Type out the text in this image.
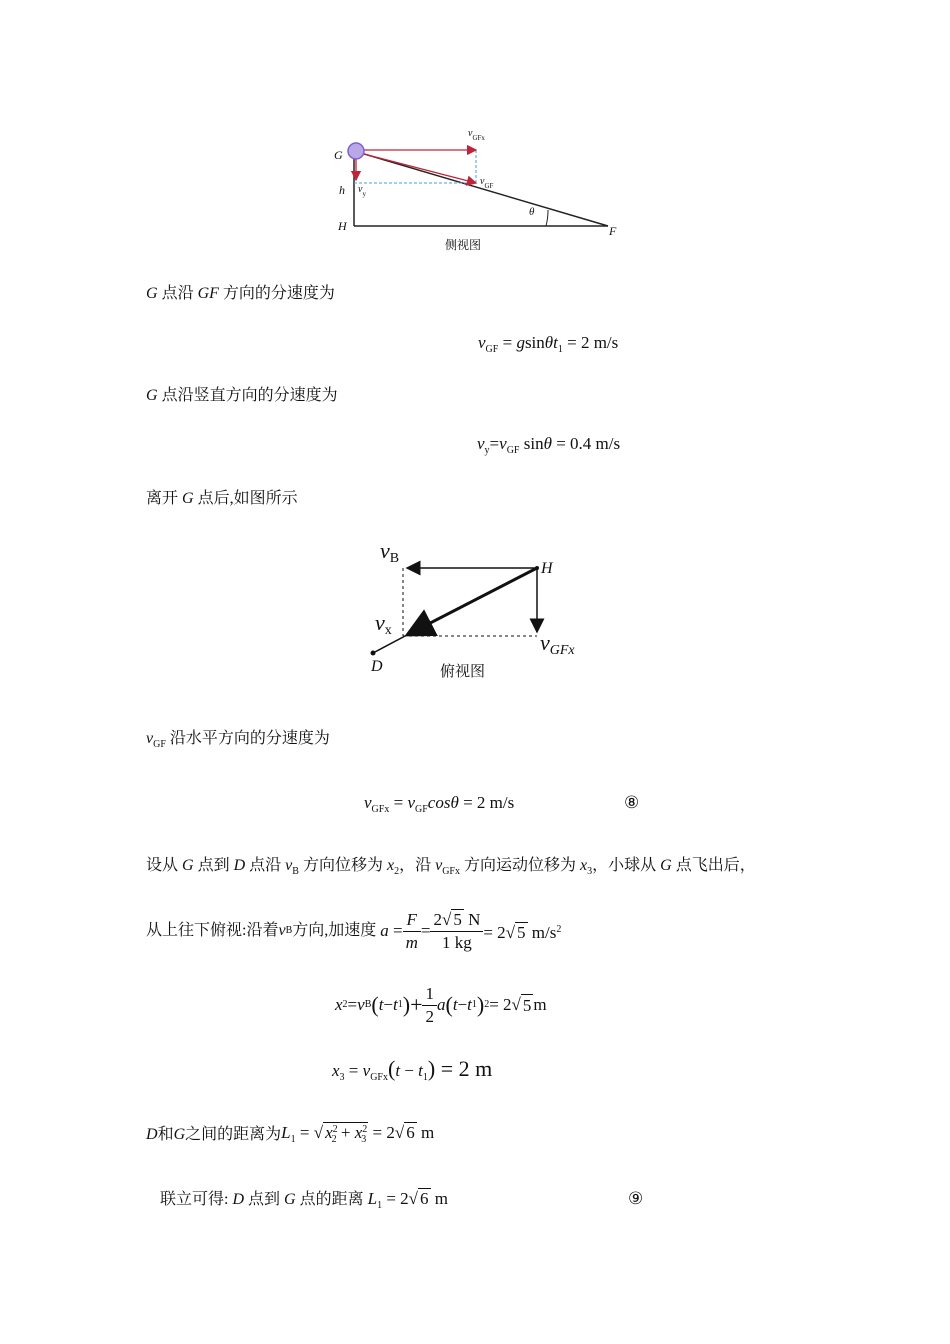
G
h
H	F
θ
$v_{GFx}$
$v_{GF}$
$v_y$
侧视图
G 点沿 GF 方向的分速度为
$v_{GF} = gsin\theta t_1 = 2$ m/s
G 点沿竖直方向的分速度为
$v_y=v_{GF}$ sinθ = 0.4 m/s
离开 G 点后,如图所示
$v_B$
H
$v_x$	$v_{GFx}$
D	俯视图
$v_{GF}$ 沿水平方向的分速度为
$v_{GFx} = v_{GF}\cos\theta = 2$ m/s	⑧
设从 G 点到 D 点沿 $v_B$ 方向位移为 $x_2$，沿 $v_{GFx}$ 方向运动位移为 $x_3$，小球从 G 点飞出后，
从上往下俯视:沿着 v B 方向,加速度 $a = \frac{F}{m} = \frac{2√ 5 N}{1 kg} = 2√$ 5 $m/s^2$
x 2 = v B ( t − t 1 )+ $\frac{1}{2}$ a ( t − t 1 ) 2 = 2 √ 5 m
$x_3 = v_{GFx}(t - t_1) = 2$ m
D 和 G 之间的距离为 $L_1$ = √ $x^2_2 + x^2_3 = 2√$ 6 m
联立可得: D 点到 G 点的距离 $L_1 = 2√$ 6 m	⑨
